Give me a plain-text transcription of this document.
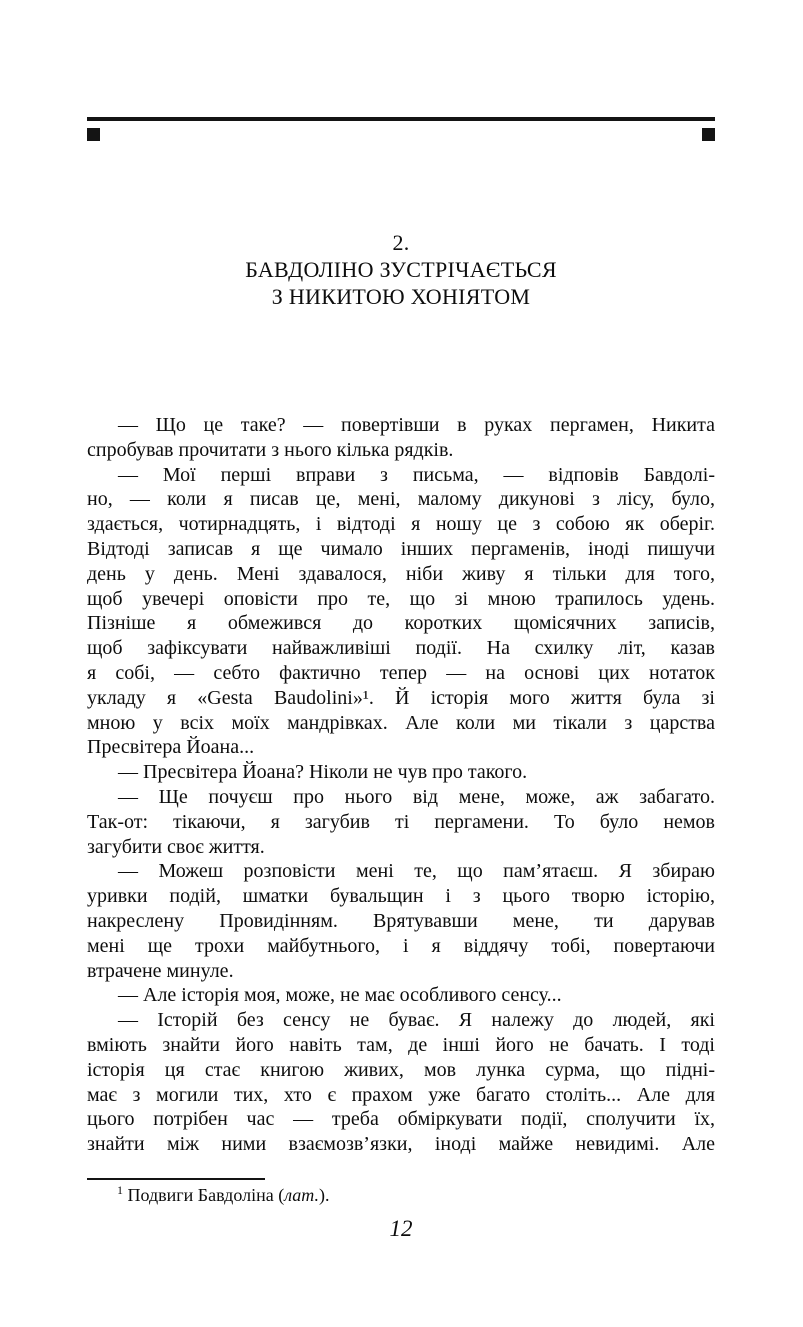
2.
БАВДОЛІНО ЗУСТРІЧАЄТЬСЯ
З НИКИТОЮ ХОНІЯТОМ
— Що це таке? — повертівши в руках пергамен, Никита
спробував прочитати з нього кілька рядків.
— Мої перші вправи з письма, — відповів Бавдолі-
но, — коли я писав це, мені, малому дикунові з лісу, було,
здається, чотирнадцять, і відтоді я ношу це з собою як оберіг.
Відтоді записав я ще чимало інших пергаменів, іноді пишучи
день у день. Мені здавалося, ніби живу я тільки для того,
щоб увечері оповісти про те, що зі мною трапилось удень.
Пізніше я обмежився до коротких щомісячних записів,
щоб зафіксувати найважливіші події. На схилку літ, казав
я собі, — себто фактично тепер — на основі цих нотаток
укладу я «Gesta Baudolini»¹. Й історія мого життя була зі
мною у всіх моїх мандрівках. Але коли ми тікали з царства
Пресвітера Йоана...
— Пресвітера Йоана? Ніколи не чув про такого.
— Ще почуєш про нього від мене, може, аж забагато.
Так-от: тікаючи, я загубив ті пергамени. То було немов
загубити своє життя.
— Можеш розповісти мені те, що пам’ятаєш. Я збираю
уривки подій, шматки бувальщин і з цього творю історію,
накреслену Провидінням. Врятувавши мене, ти дарував
мені ще трохи майбутнього, і я віддячу тобі, повертаючи
втрачене минуле.
— Але історія моя, може, не має особливого сенсу...
— Історій без сенсу не буває. Я належу до людей, які
вміють знайти його навіть там, де інші його не бачать. І тоді
історія ця стає книгою живих, мов лунка сурма, що підні-
має з могили тих, хто є прахом уже багато століть... Але для
цього потрібен час — треба обміркувати події, сполучити їх,
знайти між ними взаємозв’язки, іноді майже невидимі. Але
$^1$ Подвиги Бавдоліна (лат.).
12
